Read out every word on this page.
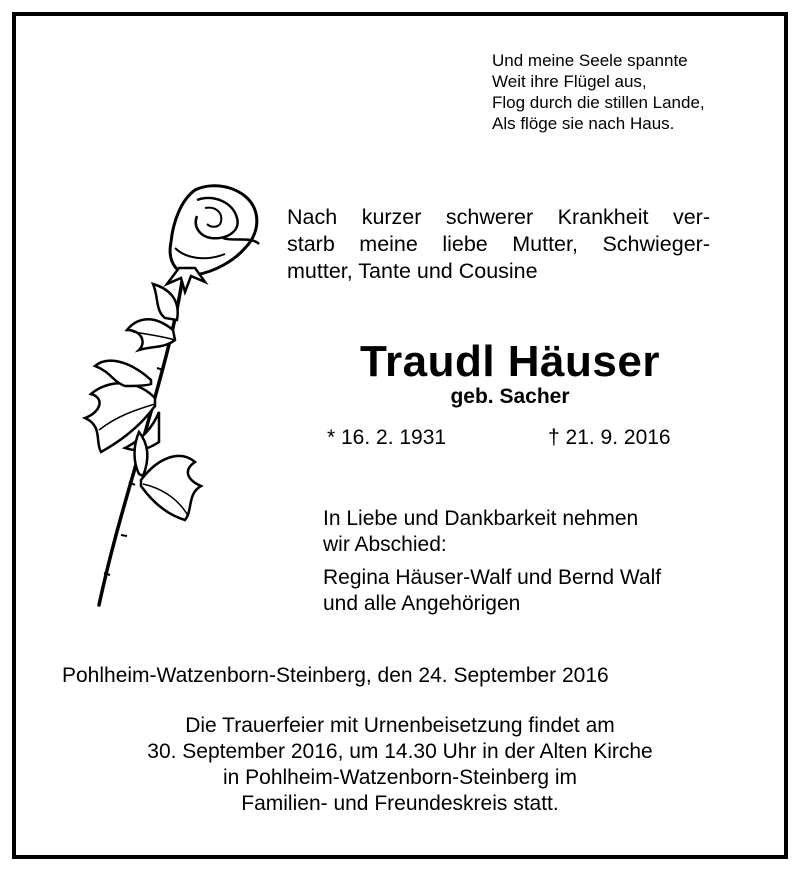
Und meine Seele spannte
Weit ihre Flügel aus,
Flog durch die stillen Lande,
Als flöge sie nach Haus.
Nach kurzer schwerer Krankheit ver-
starb meine liebe Mutter, Schwieger-
mutter, Tante und Cousine
Traudl Häuser
geb. Sacher
* 16. 2. 1931	† 21. 9. 2016
In Liebe und Dankbarkeit nehmen
wir Abschied:
Regina Häuser-Walf und Bernd Walf
und alle Angehörigen
Pohlheim-Watzenborn-Steinberg, den 24. September 2016
Die Trauerfeier mit Urnenbeisetzung findet am
30. September 2016, um 14.30 Uhr in der Alten Kirche
in Pohlheim-Watzenborn-Steinberg im
Familien- und Freundeskreis statt.
